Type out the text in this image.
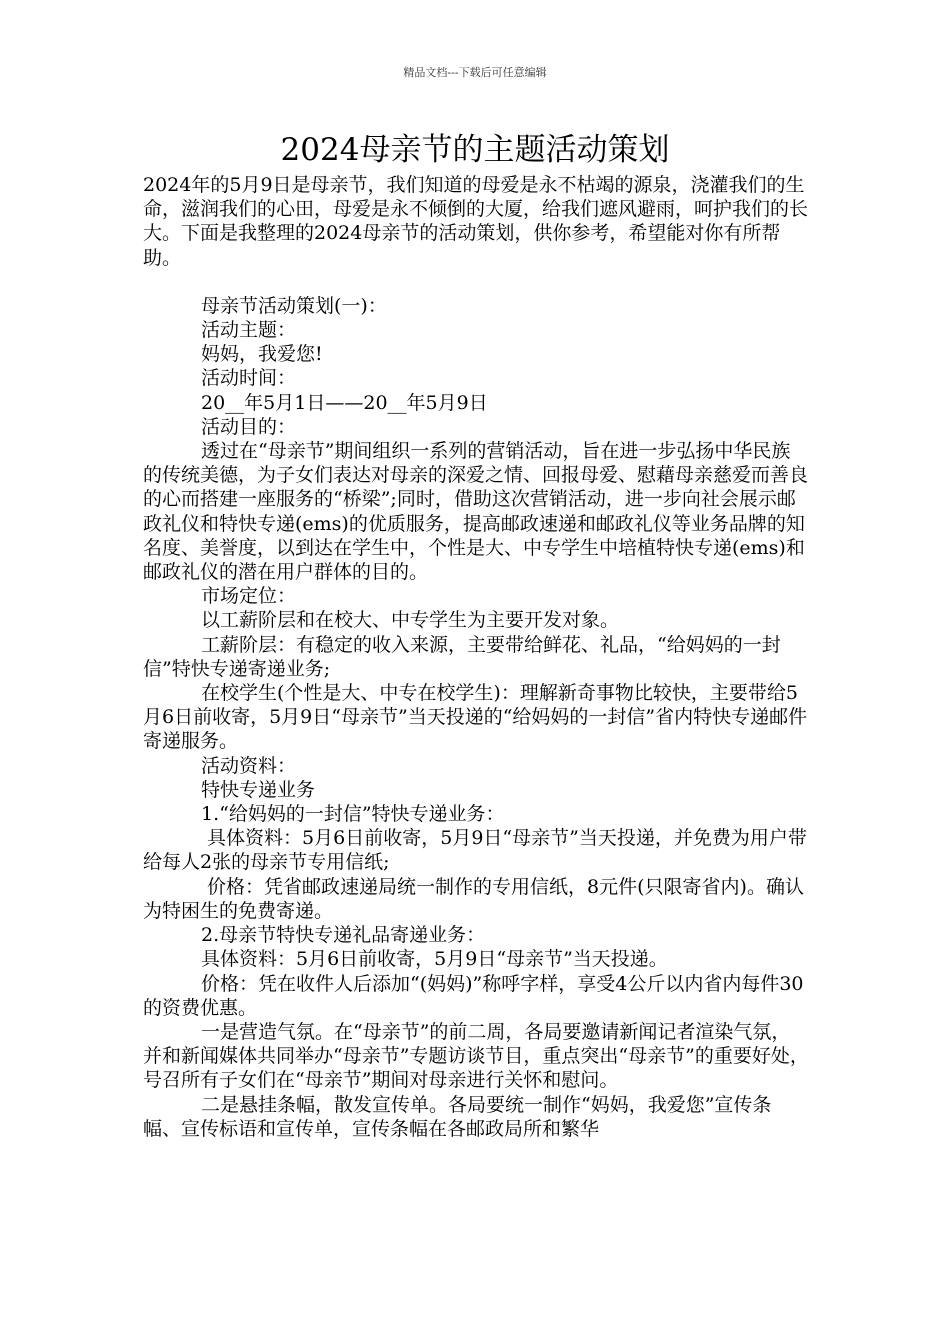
精品文档---下载后可任意编辑
2024母亲节的主题活动策划

2024年的5月9日是母亲节，我们知道的母爱是永不枯竭的源泉，浇灌我们的生命，滋润我们的心田，母爱是永不倾倒的大厦，给我们遮风避雨，呵护我们的长大。下面是我整理的2024母亲节的活动策划，供你参考，希望能对你有所帮助。

母亲节活动策划(一)：

活动主题：

妈妈，我爱您!

活动时间：

20__年5月1日——20__年5月9日

活动目的：

透过在“母亲节”期间组织一系列的营销活动，旨在进一步弘扬中华民族的传统美德，为子女们表达对母亲的深爱之情、回报母爱、慰藉母亲慈爱而善良的心而搭建一座服务的“桥梁”;同时，借助这次营销活动，进一步向社会展示邮政礼仪和特快专递(ems)的优质服务，提高邮政速递和邮政礼仪等业务品牌的知名度、美誉度，以到达在学生中，个性是大、中专学生中培植特快专递(ems)和邮政礼仪的潜在用户群体的目的。

市场定位：

以工薪阶层和在校大、中专学生为主要开发对象。

工薪阶层：有稳定的收入来源，主要带给鲜花、礼品，“给妈妈的一封信”特快专递寄递业务;

在校学生(个性是大、中专在校学生)：理解新奇事物比较快，主要带给5月6日前收寄，5月9日“母亲节”当天投递的“给妈妈的一封信”省内特快专递邮件寄递服务。

活动资料：

特快专递业务

1.“给妈妈的一封信”特快专递业务：

具体资料：5月6日前收寄，5月9日“母亲节”当天投递，并免费为用户带给每人2张的母亲节专用信纸;

价格：凭省邮政速递局统一制作的专用信纸，8元件(只限寄省内)。确认为特困生的免费寄递。

2.母亲节特快专递礼品寄递业务：

具体资料：5月6日前收寄，5月9日“母亲节”当天投递。

价格：凭在收件人后添加“(妈妈)”称呼字样，享受4公斤以内省内每件30的资费优惠。

一是营造气氛。在“母亲节”的前二周，各局要邀请新闻记者渲染气氛，并和新闻媒体共同举办“母亲节”专题访谈节目，重点突出“母亲节”的重要好处，号召所有子女们在“母亲节”期间对母亲进行关怀和慰问。

二是悬挂条幅，散发宣传单。各局要统一制作“妈妈，我爱您”宣传条幅、宣传标语和宣传单，宣传条幅在各邮政局所和繁华
